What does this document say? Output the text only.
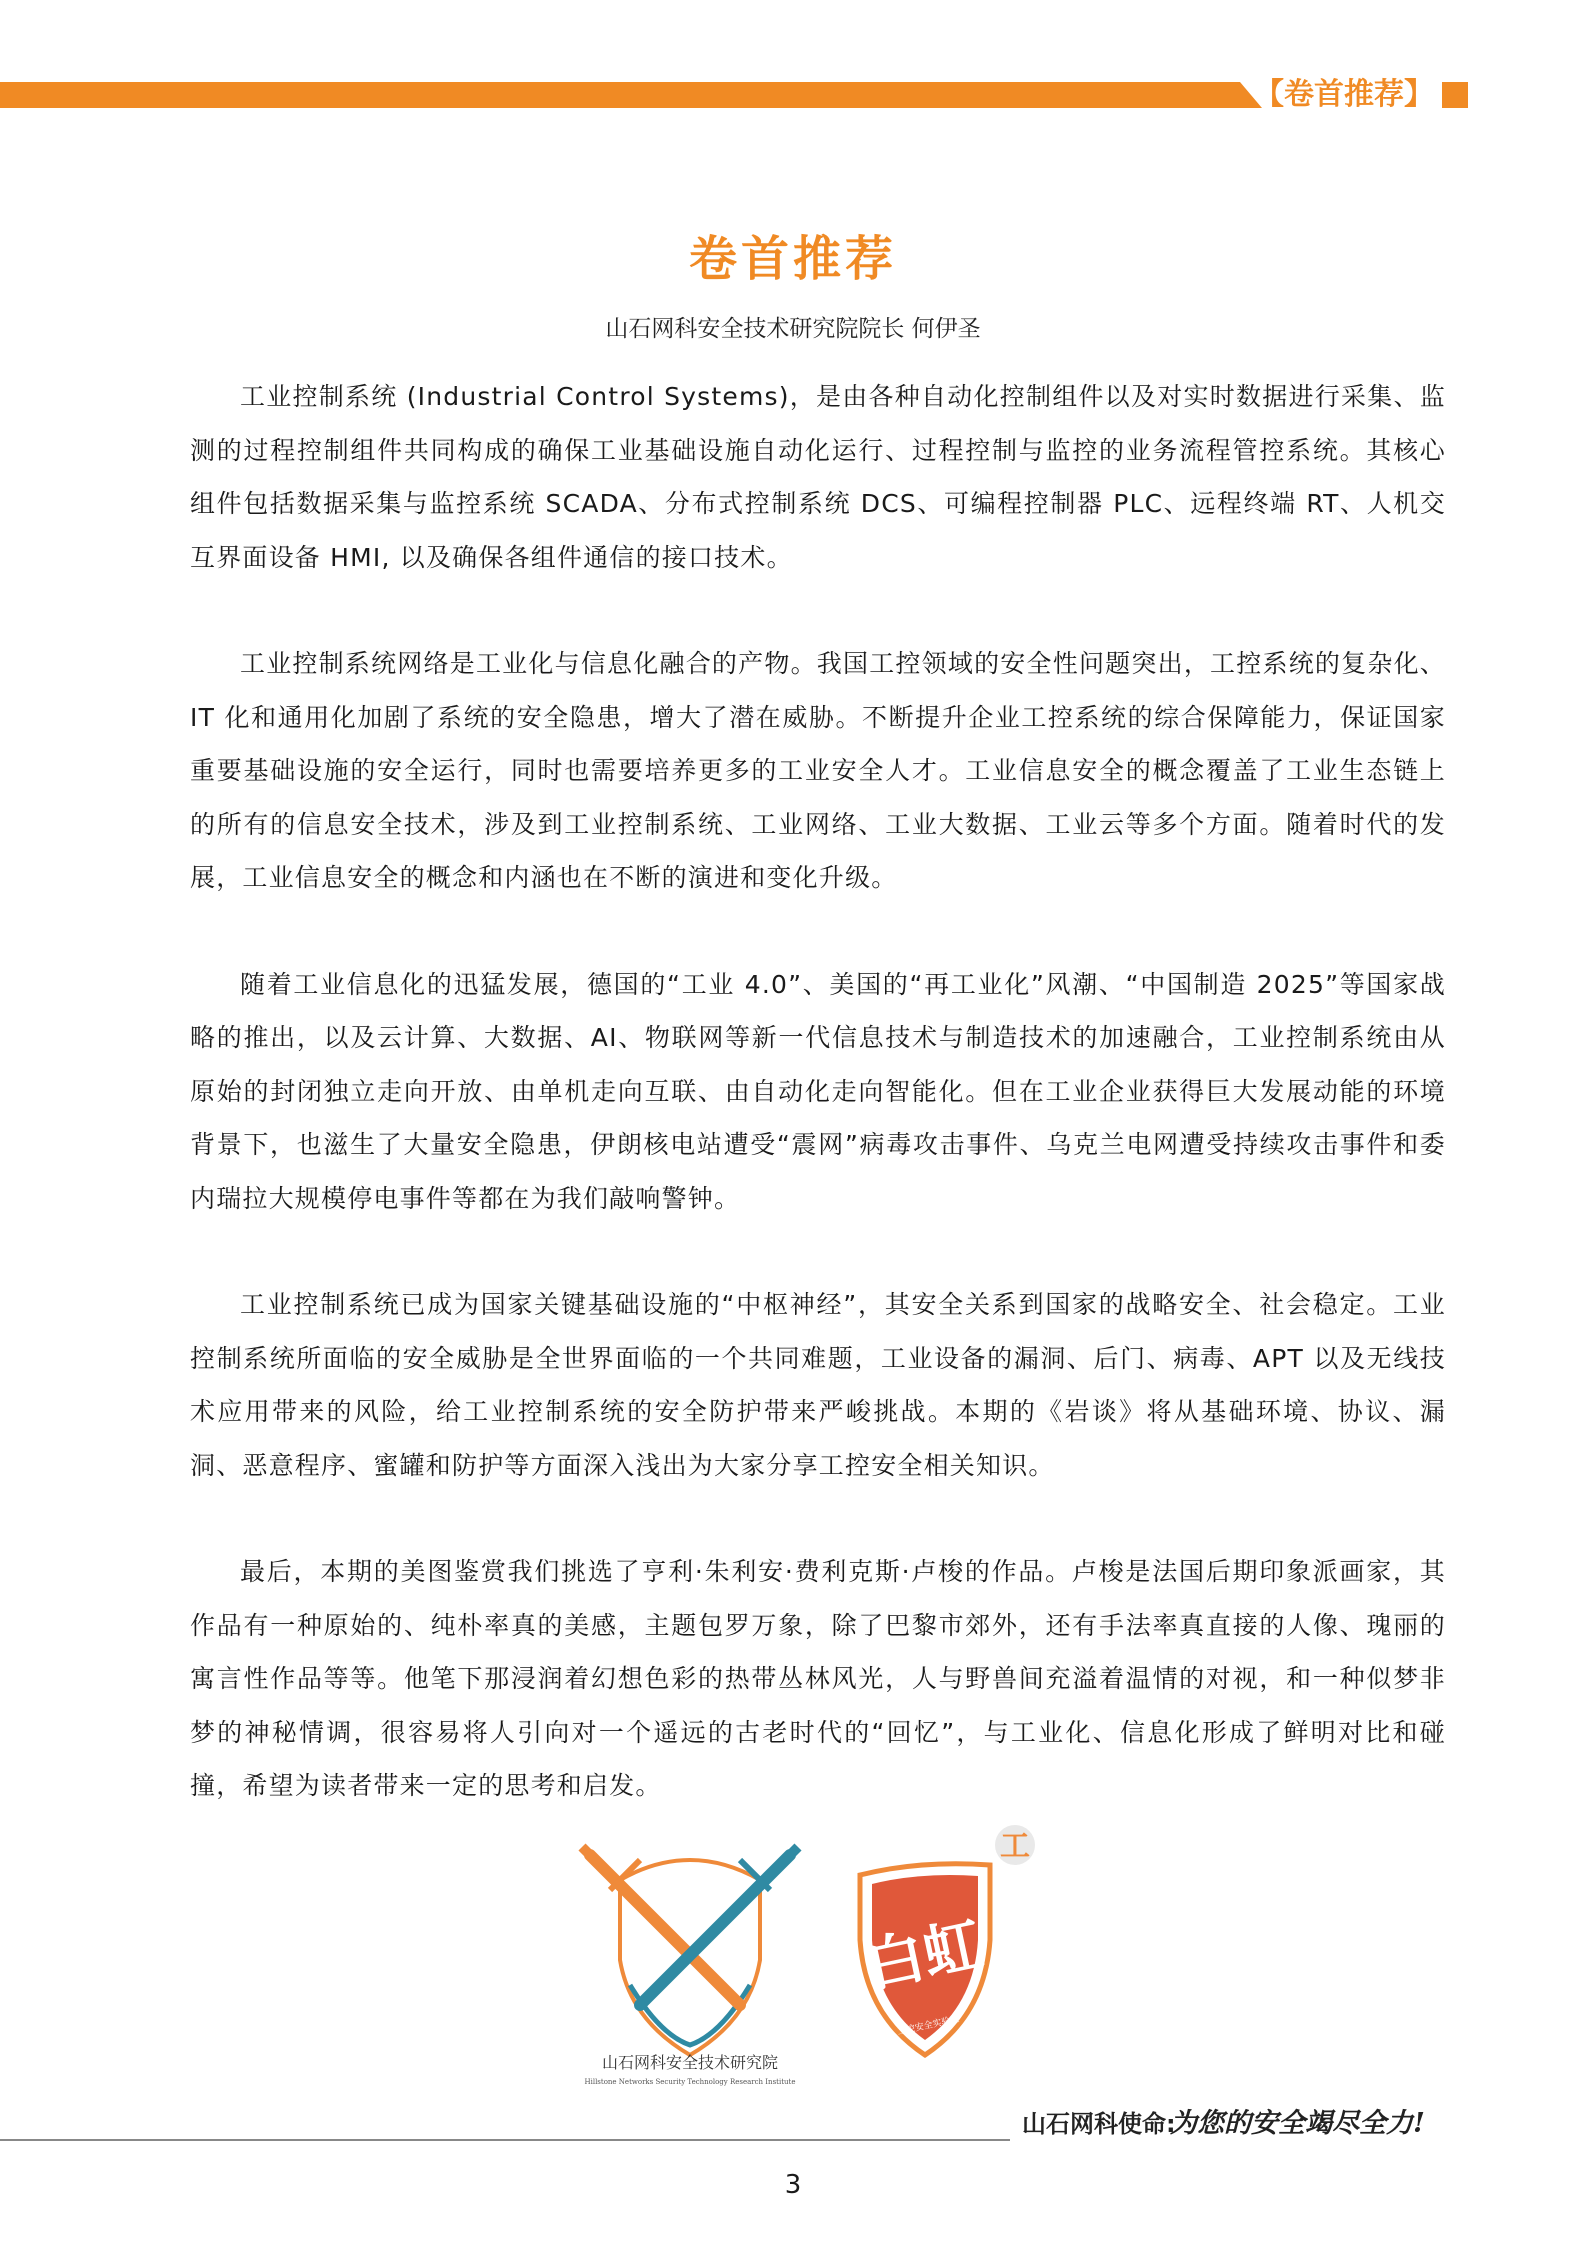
【卷首推荐】
卷首推荐
山石网科安全技术研究院院长 何伊圣

工业控制系统 (Industrial Control Systems)，是由各种自动化控制组件以及对实时数据进行采集、监测的过程控制组件共同构成的确保工业基础设施自动化运行、过程控制与监控的业务流程管控系统。其核心组件包括数据采集与监控系统 SCADA、分布式控制系统 DCS、可编程控制器 PLC、远程终端 RT、人机交互界面设备 HMI, 以及确保各组件通信的接口技术。

工业控制系统网络是工业化与信息化融合的产物。我国工控领域的安全性问题突出，工控系统的复杂化、IT 化和通用化加剧了系统的安全隐患，增大了潜在威胁。不断提升企业工控系统的综合保障能力，保证国家重要基础设施的安全运行，同时也需要培养更多的工业安全人才。工业信息安全的概念覆盖了工业生态链上的所有的信息安全技术，涉及到工业控制系统、工业网络、工业大数据、工业云等多个方面。随着时代的发展，工业信息安全的概念和内涵也在不断的演进和变化升级。

随着工业信息化的迅猛发展，德国的“工业 4.0”、美国的“再工业化”风潮、“中国制造 2025”等国家战略的推出，以及云计算、大数据、AI、物联网等新一代信息技术与制造技术的加速融合，工业控制系统由从原始的封闭独立走向开放、由单机走向互联、由自动化走向智能化。但在工业企业获得巨大发展动能的环境背景下，也滋生了大量安全隐患，伊朗核电站遭受“震网”病毒攻击事件、乌克兰电网遭受持续攻击事件和委内瑞拉大规模停电事件等都在为我们敲响警钟。

工业控制系统已成为国家关键基础设施的“中枢神经”，其安全关系到国家的战略安全、社会稳定。工业控制系统所面临的安全威胁是全世界面临的一个共同难题，工业设备的漏洞、后门、病毒、APT 以及无线技术应用带来的风险，给工业控制系统的安全防护带来严峻挑战。本期的《岩谈》将从基础环境、协议、漏洞、恶意程序、蜜罐和防护等方面深入浅出为大家分享工控安全相关知识。

最后，本期的美图鉴赏我们挑选了亨利·朱利安·费利克斯·卢梭的作品。卢梭是法国后期印象派画家，其作品有一种原始的、纯朴率真的美感，主题包罗万象，除了巴黎市郊外，还有手法率真直接的人像、瑰丽的寓言性作品等等。他笔下那浸润着幻想色彩的热带丛林风光，人与野兽间充溢着温情的对视，和一种似梦非梦的神秘情调，很容易将人引向对一个遥远的古老时代的“回忆”，与工业化、信息化形成了鲜明对比和碰撞，希望为读者带来一定的思考和启发。

山石网科安全技术研究院
Hillstone Networks Security Technology Research Institute
工
白虹
工控安全实验室
山石网科使命:
为您的安全竭尽全力!
3
